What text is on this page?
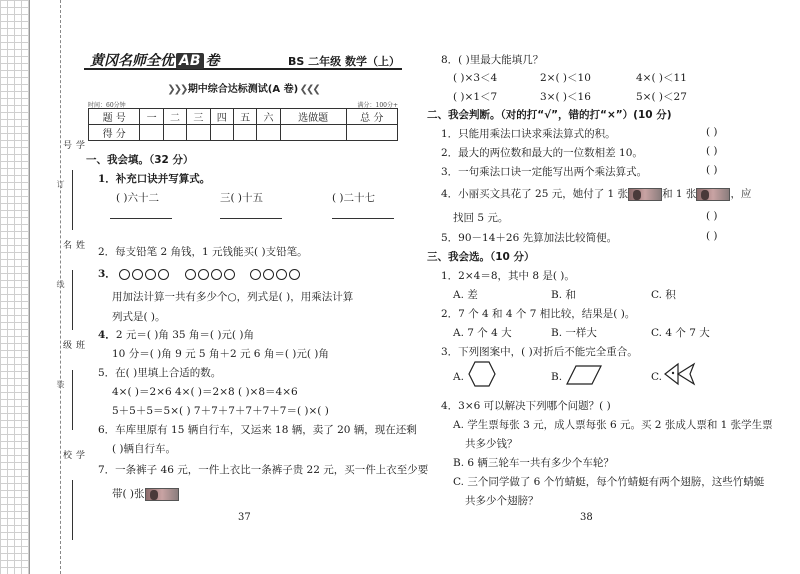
学号
姓名
班级
学校
订
线
装
黄冈名师全优 AB 卷	BS 二年级 数学（上）
❯❯❯ 期中综合达标测试(A 卷) ❮❮❮
时间：60分钟	满分：100分+
题 号	一	二	三	四	五	六	选做题	总 分
得 分								
一、我会填。（32 分）
1．补充口诀并写算式。
( )六十二	三( )十五	( )二十七
2．每支铅笔 2 角钱，1 元钱能买( )支铅笔。
3．
用加法计算一共有多少个○，列式是( )，用乘法计算
列式是( )。
4．2 元＝( )角 35 角＝( )元( )角
10 分＝( )角 9 元 5 角＋2 元 6 角＝( )元( )角
5．在( )里填上合适的数。
4×( )＝2×6 4×( )＝2×8 ( )×8＝4×6
5＋5＋5＝5×( ) 7＋7＋7＋7＋7＋7＝( )×( )
6．车库里原有 15 辆自行车，又运来 18 辆，卖了 20 辆，现在还剩
( )辆自行车。
7．一条裤子 46 元，一件上衣比一条裤子贵 22 元，买一件上衣至少要
带( )张
37
8．( )里最大能填几？
( )×3＜4	2×( )＜10	4×( )＜11
( )×1＜7	3×( )＜16	5×( )＜27
二、我会判断。（对的打“√”，错的打“×”）(10 分)
1．只能用乘法口诀求乘法算式的积。	( )
2．最大的两位数和最大的一位数相差 10。	( )
3．一句乘法口诀一定能写出两个乘法算式。	( )
4．小丽买文具花了 25 元，她付了 1 张	和 1 张	，应
找回 5 元。	( )
5．90－14＋26 先算加法比较简便。	( )
三、我会选。（10 分）
1．2×4＝8，其中 8 是( )。
A. 差	B. 和	C. 积
2．7 个 4 和 4 个 7 相比较，结果是( )。
A. 7 个 4 大	B. 一样大	C. 4 个 7 大
3．下列图案中，( )对折后不能完全重合。
A.	B.	C.
4．3×6 可以解决下列哪个问题？( )
A. 学生票每张 3 元，成人票每张 6 元。买 2 张成人票和 1 张学生票
共多少钱？
B. 6 辆三轮车一共有多少个车轮？
C. 三个同学做了 6 个竹蜻蜓，每个竹蜻蜓有两个翅膀，这些竹蜻蜓
共多少个翅膀？
38
